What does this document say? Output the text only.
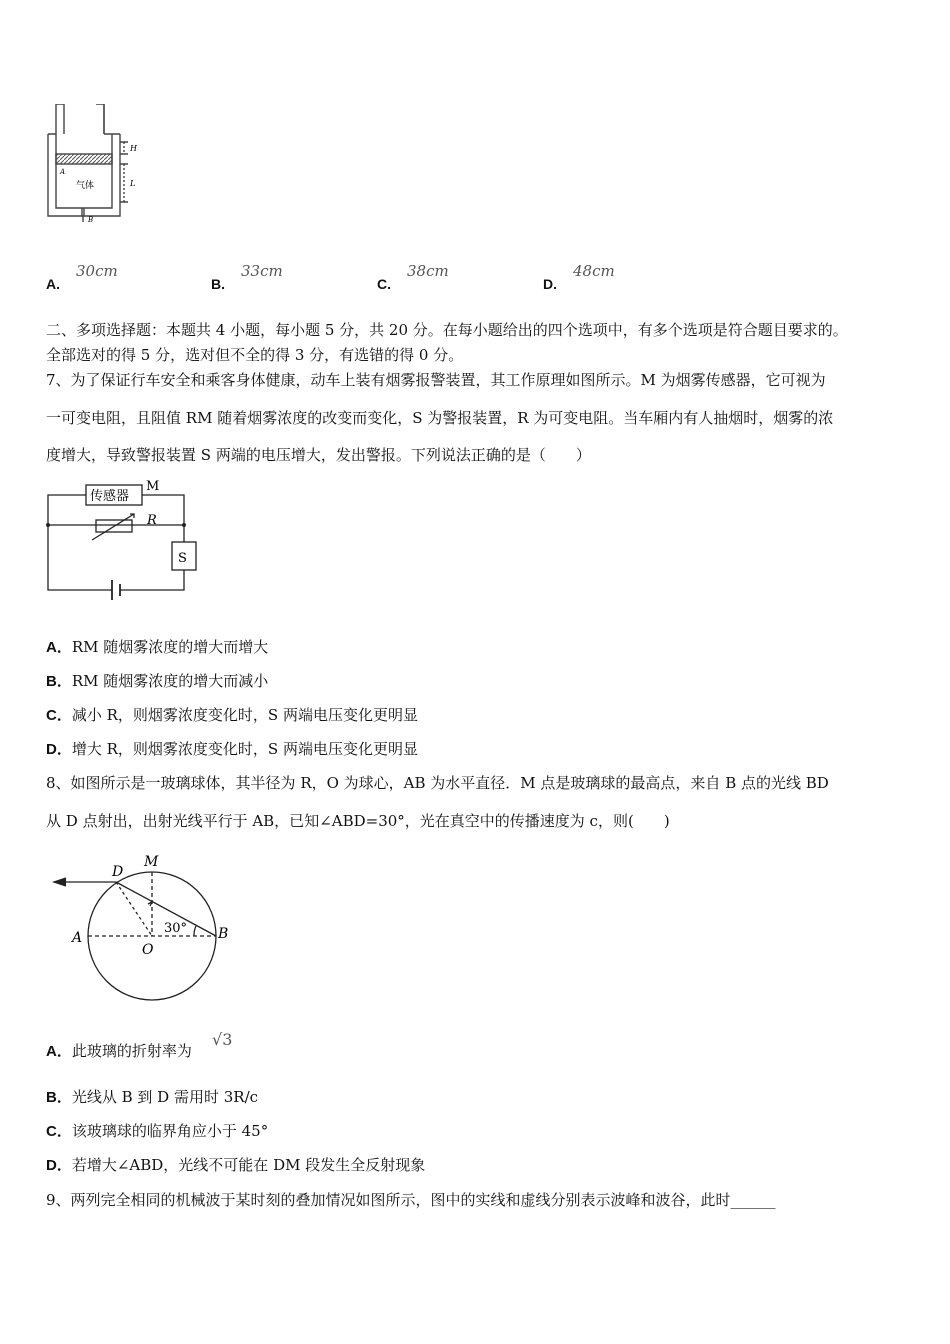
H
L
A
气体
B
A.
30cm
B.
33cm
C.
38cm
D.
48cm
二、多项选择题：本题共 4 小题，每小题 5 分，共 20 分。在每小题给出的四个选项中，有多个选项是符合题目要求的。
全部选对的得 5 分，选对但不全的得 3 分，有选错的得 0 分。
7、为了保证行车安全和乘客身体健康，动车上装有烟雾报警装置，其工作原理如图所示。M 为烟雾传感器，它可视为
一可变电阻，且阻值 RM 随着烟雾浓度的改变而变化，S 为警报装置，R 为可变电阻。当车厢内有人抽烟时，烟雾的浓
度增大，导致警报装置 S 两端的电压增大，发出警报。下列说法正确的是（　　）
传感器
M
R
S
A．RM 随烟雾浓度的增大而增大
B．RM 随烟雾浓度的增大而减小
C．减小 R，则烟雾浓度变化时，S 两端电压变化更明显
D．增大 R，则烟雾浓度变化时，S 两端电压变化更明显
8、如图所示是一玻璃球体，其半径为 R，O 为球心，AB 为水平直径．M 点是玻璃球的最高点，来自 B 点的光线 BD
从 D 点射出，出射光线平行于 AB，已知∠ABD=30°，光在真空中的传播速度为 c，则(　　)
D
M
A
O
B
30°
A．此玻璃的折射率为
√3
B．光线从 B 到 D 需用时 3R/c
C．该玻璃球的临界角应小于 45°
D．若增大∠ABD，光线不可能在 DM 段发生全反射现象
9、两列完全相同的机械波于某时刻的叠加情况如图所示，图中的实线和虚线分别表示波峰和波谷，此时______
